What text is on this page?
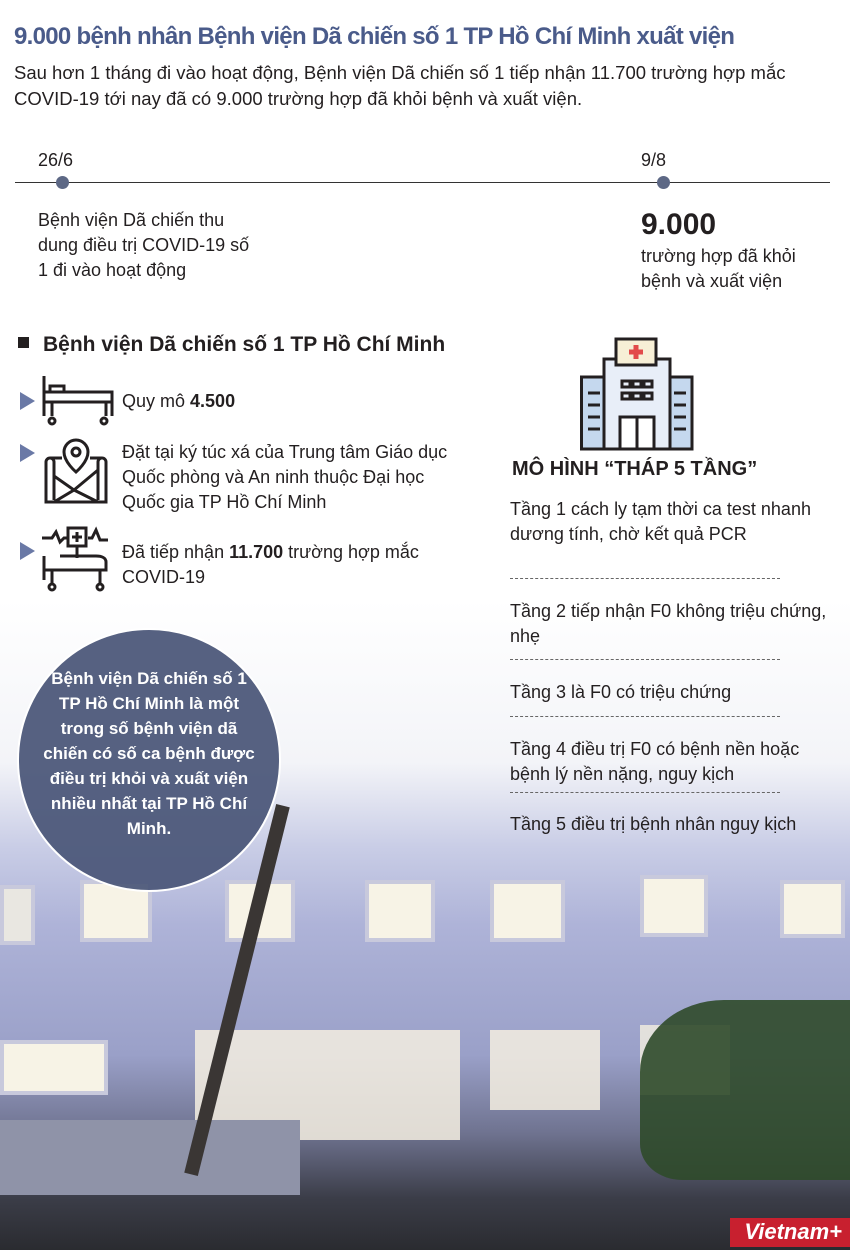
9.000 bệnh nhân Bệnh viện Dã chiến số 1 TP Hồ Chí Minh xuất viện
Sau hơn 1 tháng đi vào hoạt động, Bệnh viện Dã chiến số 1 tiếp nhận 11.700 trường hợp mắc COVID-19 tới nay đã có 9.000 trường hợp đã khỏi bệnh và xuất viện.
26/6	9/8
Bệnh viện Dã chiến thu dung điều trị COVID-19 số 1 đi vào hoạt động
9.000
trường hợp đã khỏi bệnh và xuất viện
Bệnh viện Dã chiến số 1 TP Hồ Chí Minh
Quy mô 4.500
Đặt tại ký túc xá của Trung tâm Giáo dục Quốc phòng và An ninh thuộc Đại học Quốc gia TP Hồ Chí Minh
Đã tiếp nhận 11.700 trường hợp mắc COVID-19
Bệnh viện Dã chiến số 1 TP Hồ Chí Minh là một trong số bệnh viện dã chiến có số ca bệnh được điều trị khỏi và xuất viện nhiều nhất tại TP Hồ Chí Minh.
MÔ HÌNH “THÁP 5 TẦNG”
Tầng 1 cách ly tạm thời ca test nhanh dương tính, chờ kết quả PCR
Tầng 2 tiếp nhận F0 không triệu chứng, nhẹ
Tầng 3 là F0 có triệu chứng
Tầng 4 điều trị F0 có bệnh nền hoặc bệnh lý nền nặng, nguy kịch
Tầng 5 điều trị bệnh nhân nguy kịch
Vietnam+
